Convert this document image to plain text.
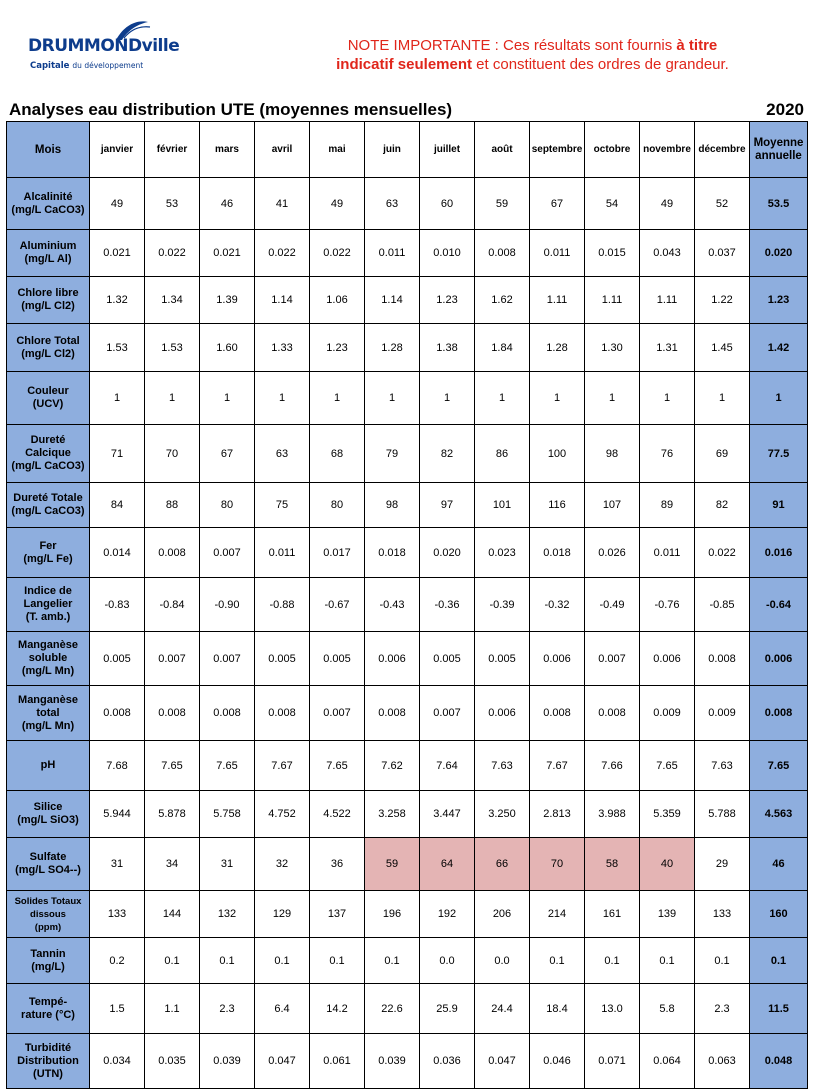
DRUMMONDville
Capitale du développement
NOTE IMPORTANTE : Ces résultats sont fournis à titre
indicatif seulement et constituent des ordres de grandeur.
Analyses eau distribution UTE (moyennes mensuelles)	2020
Mois	janvier	février	mars	avril	mai	juin	juillet	août	septembre	octobre	novembre	décembre	Moyenne annuelle
Alcalinité
(mg/L CaCO3)	49	53	46	41	49	63	60	59	67	54	49	52	53.5
Aluminium
(mg/L Al)	0.021	0.022	0.021	0.022	0.022	0.011	0.010	0.008	0.011	0.015	0.043	0.037	0.020
Chlore libre
(mg/L Cl2)	1.32	1.34	1.39	1.14	1.06	1.14	1.23	1.62	1.11	1.11	1.11	1.22	1.23
Chlore Total
(mg/L Cl2)	1.53	1.53	1.60	1.33	1.23	1.28	1.38	1.84	1.28	1.30	1.31	1.45	1.42
Couleur
(UCV)	1	1	1	1	1	1	1	1	1	1	1	1	1
Dureté
Calcique
(mg/L CaCO3)	71	70	67	63	68	79	82	86	100	98	76	69	77.5
Dureté Totale
(mg/L CaCO3)	84	88	80	75	80	98	97	101	116	107	89	82	91
Fer
(mg/L Fe)	0.014	0.008	0.007	0.011	0.017	0.018	0.020	0.023	0.018	0.026	0.011	0.022	0.016
Indice de
Langelier
(T. amb.)	-0.83	-0.84	-0.90	-0.88	-0.67	-0.43	-0.36	-0.39	-0.32	-0.49	-0.76	-0.85	-0.64
Manganèse
soluble
(mg/L Mn)	0.005	0.007	0.007	0.005	0.005	0.006	0.005	0.005	0.006	0.007	0.006	0.008	0.006
Manganèse
total
(mg/L Mn)	0.008	0.008	0.008	0.008	0.007	0.008	0.007	0.006	0.008	0.008	0.009	0.009	0.008
pH	7.68	7.65	7.65	7.67	7.65	7.62	7.64	7.63	7.67	7.66	7.65	7.63	7.65
Silice
(mg/L SiO3)	5.944	5.878	5.758	4.752	4.522	3.258	3.447	3.250	2.813	3.988	5.359	5.788	4.563
Sulfate
(mg/L SO4--)	31	34	31	32	36	59	64	66	70	58	40	29	46
Solides Totaux
dissous
(ppm)	133	144	132	129	137	196	192	206	214	161	139	133	160
Tannin
(mg/L)	0.2	0.1	0.1	0.1	0.1	0.1	0.0	0.0	0.1	0.1	0.1	0.1	0.1
Tempé-
rature (°C)	1.5	1.1	2.3	6.4	14.2	22.6	25.9	24.4	18.4	13.0	5.8	2.3	11.5
Turbidité
Distribution
(UTN)	0.034	0.035	0.039	0.047	0.061	0.039	0.036	0.047	0.046	0.071	0.064	0.063	0.048
